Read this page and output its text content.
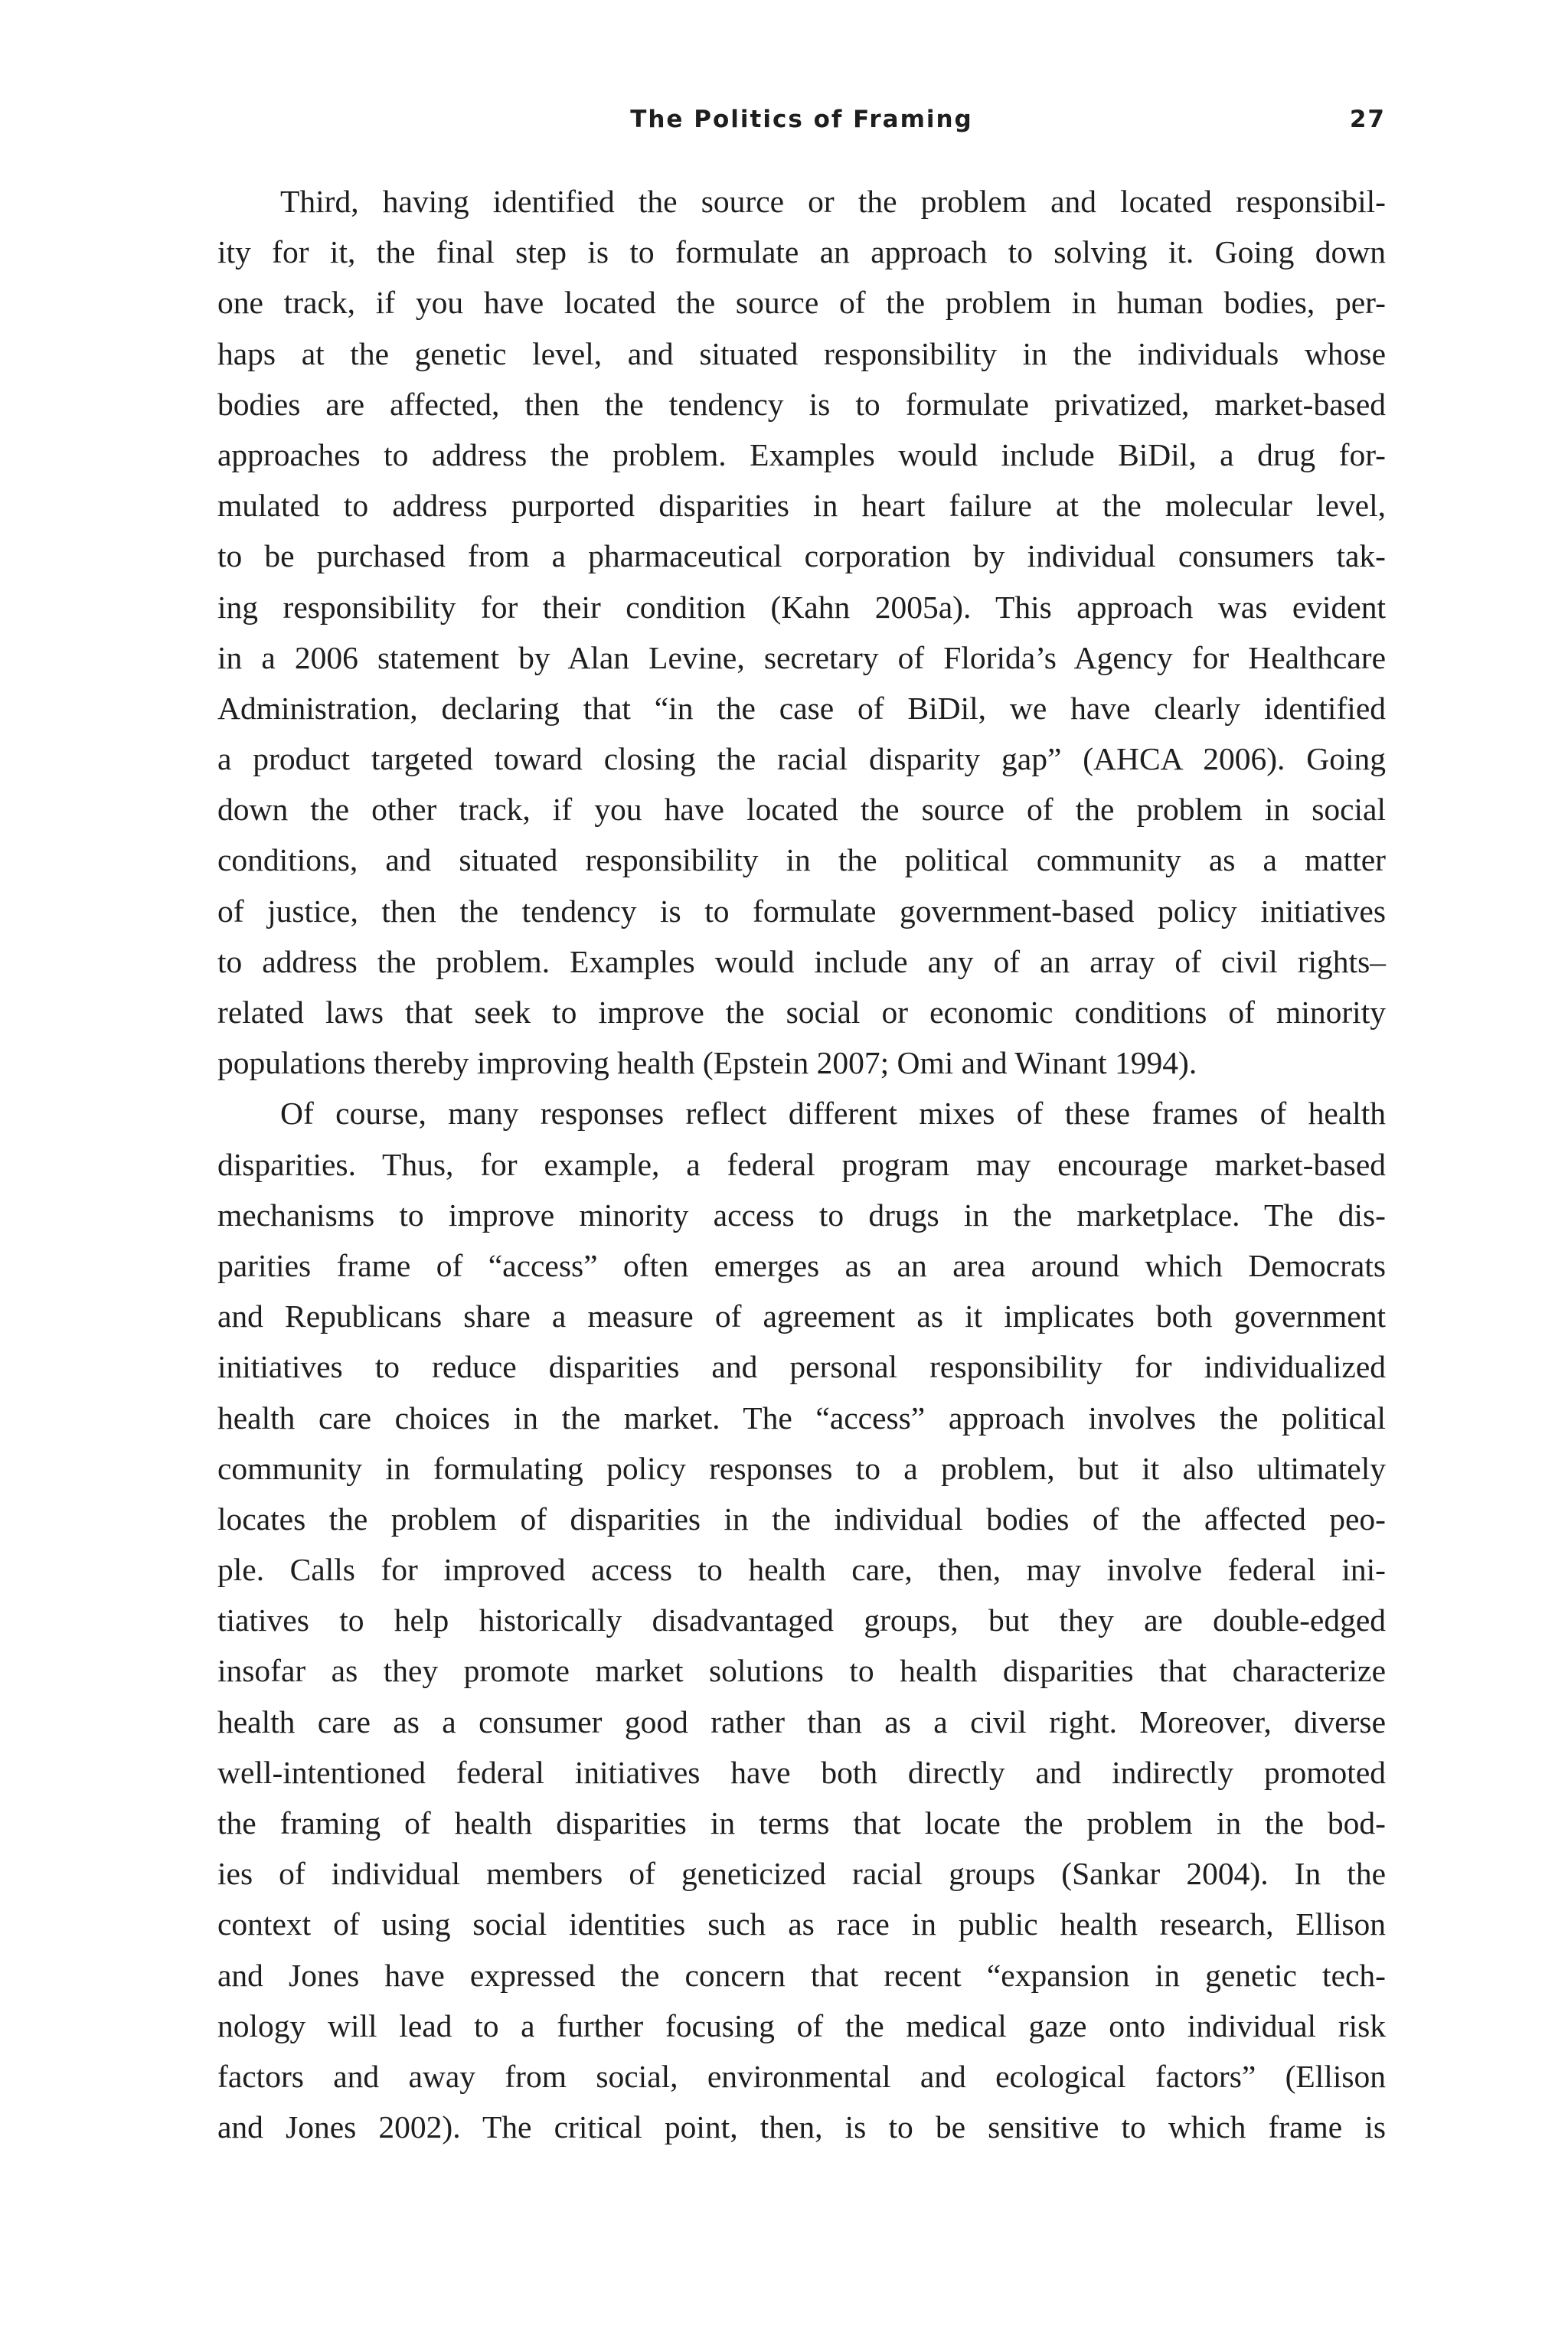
The Politics of Framing	27
Third, having identified the source or the problem and located responsibil-
ity for it, the final step is to formulate an approach to solving it. Going down
one track, if you have located the source of the problem in human bodies, per-
haps at the genetic level, and situated responsibility in the individuals whose
bodies are affected, then the tendency is to formulate privatized, market-based
approaches to address the problem. Examples would include BiDil, a drug for-
mulated to address purported disparities in heart failure at the molecular level,
to be purchased from a pharmaceutical corporation by individual consumers tak-
ing responsibility for their condition (Kahn 2005a). This approach was evident
in a 2006 statement by Alan Levine, secretary of Florida’s Agency for Healthcare
Administration, declaring that “in the case of BiDil, we have clearly identified
a product targeted toward closing the racial disparity gap” (AHCA 2006). Going
down the other track, if you have located the source of the problem in social
conditions, and situated responsibility in the political community as a matter
of justice, then the tendency is to formulate government-based policy initiatives
to address the problem. Examples would include any of an array of civil rights–
related laws that seek to improve the social or economic conditions of minority
populations thereby improving health (Epstein 2007; Omi and Winant 1994).
Of course, many responses reflect different mixes of these frames of health
disparities. Thus, for example, a federal program may encourage market-based
mechanisms to improve minority access to drugs in the marketplace. The dis-
parities frame of “access” often emerges as an area around which Democrats
and Republicans share a measure of agreement as it implicates both government
initiatives to reduce disparities and personal responsibility for individualized
health care choices in the market. The “access” approach involves the political
community in formulating policy responses to a problem, but it also ultimately
locates the problem of disparities in the individual bodies of the affected peo-
ple. Calls for improved access to health care, then, may involve federal ini-
tiatives to help historically disadvantaged groups, but they are double-edged
insofar as they promote market solutions to health disparities that characterize
health care as a consumer good rather than as a civil right. Moreover, diverse
well-intentioned federal initiatives have both directly and indirectly promoted
the framing of health disparities in terms that locate the problem in the bod-
ies of individual members of geneticized racial groups (Sankar 2004). In the
context of using social identities such as race in public health research, Ellison
and Jones have expressed the concern that recent “expansion in genetic tech-
nology will lead to a further focusing of the medical gaze onto individual risk
factors and away from social, environmental and ecological factors” (Ellison
and Jones 2002). The critical point, then, is to be sensitive to which frame is
